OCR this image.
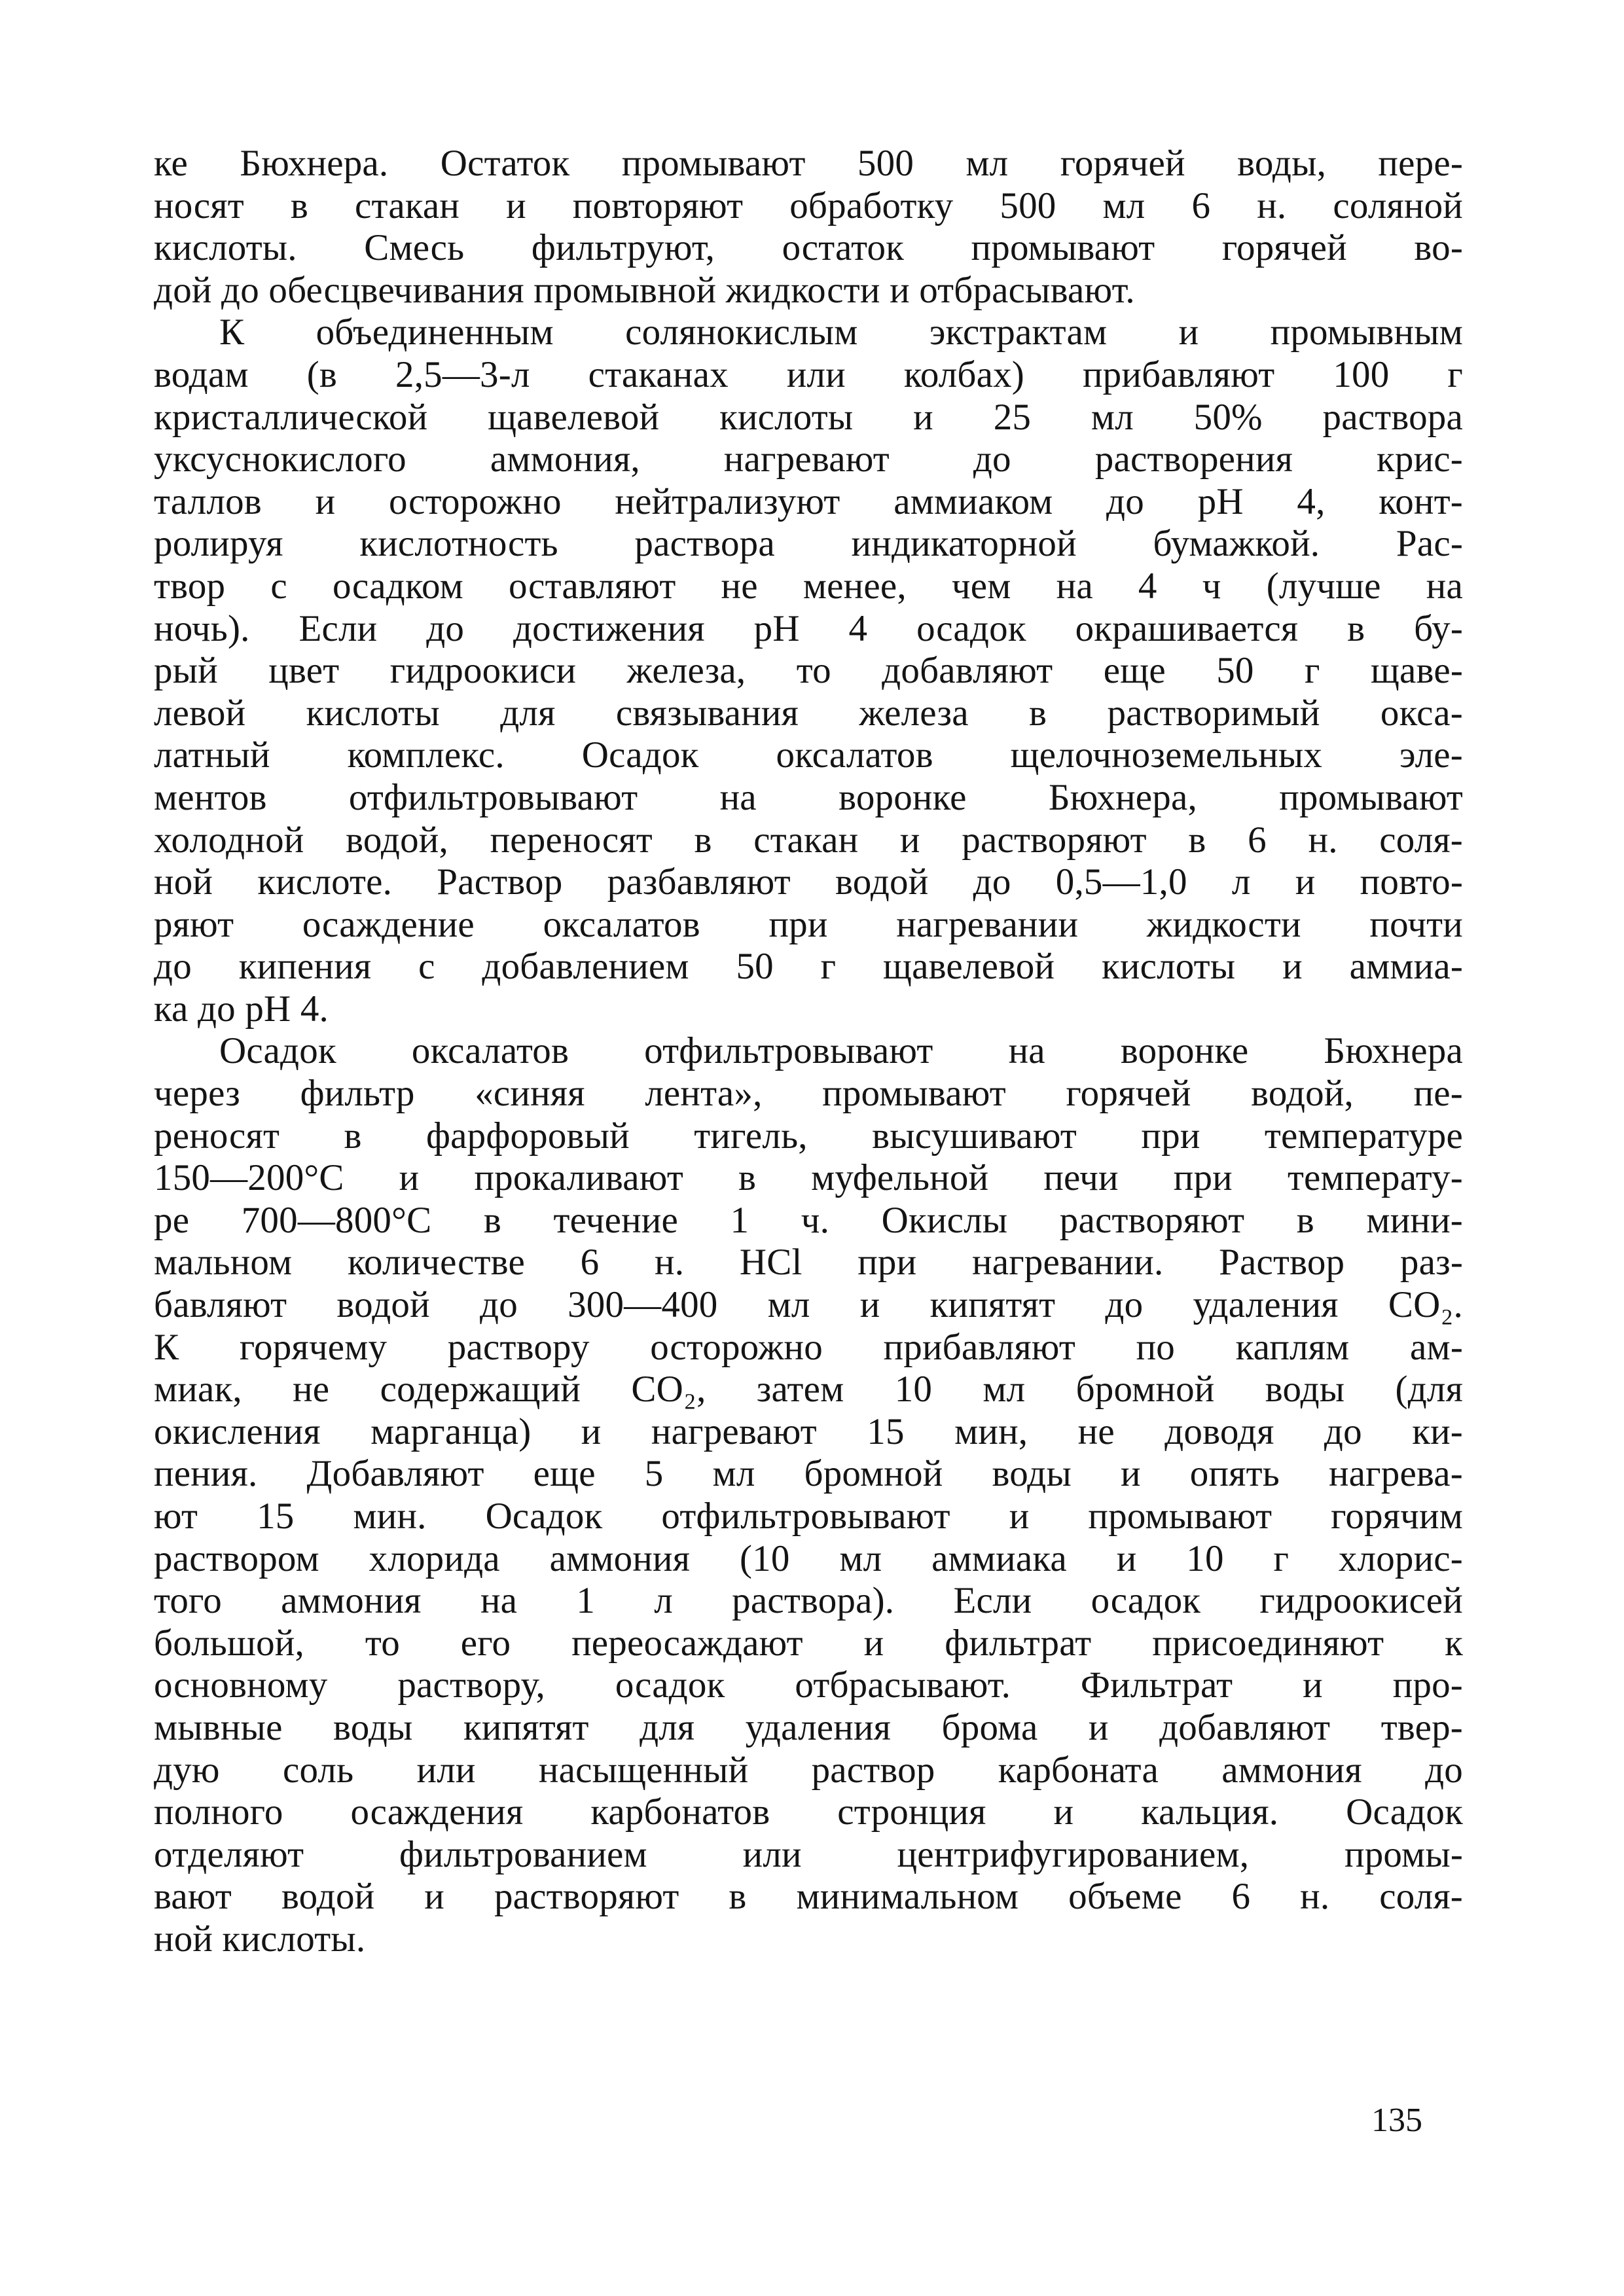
ке Бюхнера. Остаток промывают 500 мл горячей воды, пере-
носят в стакан и повторяют обработку 500 мл 6 н. соляной
кислоты. Смесь фильтруют, остаток промывают горячей во-
дой до обесцвечивания промывной жидкости и отбрасывают.
К объединенным солянокислым экстрактам и промывным
водам (в 2,5—3-л стаканах или колбах) прибавляют 100 г
кристаллической щавелевой кислоты и 25 мл 50% раствора
уксуснокислого аммония, нагревают до растворения крис-
таллов и осторожно нейтрализуют аммиаком до pH 4, конт-
ролируя кислотность раствора индикаторной бумажкой. Рас-
твор с осадком оставляют не менее, чем на 4 ч (лучше на
ночь). Если до достижения pH 4 осадок окрашивается в бу-
рый цвет гидроокиси железа, то добавляют еще 50 г щаве-
левой кислоты для связывания железа в растворимый окса-
латный комплекс. Осадок оксалатов щелочноземельных эле-
ментов отфильтровывают на воронке Бюхнера, промывают
холодной водой, переносят в стакан и растворяют в 6 н. соля-
ной кислоте. Раствор разбавляют водой до 0,5—1,0 л и повто-
ряют осаждение оксалатов при нагревании жидкости почти
до кипения с добавлением 50 г щавелевой кислоты и аммиа-
ка до pH 4.
Осадок оксалатов отфильтровывают на воронке Бюхнера
через фильтр «синяя лента», промывают горячей водой, пе-
реносят в фарфоровый тигель, высушивают при температуре
150—200°С и прокаливают в муфельной печи при температу-
ре 700—800°С в течение 1 ч. Окислы растворяют в мини-
мальном количестве 6 н. HCl при нагревании. Раствор раз-
бавляют водой до 300—400 мл и кипятят до удаления CO₂.
К горячему раствору осторожно прибавляют по каплям ам-
миак, не содержащий CO₂, затем 10 мл бромной воды (для
окисления марганца) и нагревают 15 мин, не доводя до ки-
пения. Добавляют еще 5 мл бромной воды и опять нагрева-
ют 15 мин. Осадок отфильтровывают и промывают горячим
раствором хлорида аммония (10 мл аммиака и 10 г хлорис-
того аммония на 1 л раствора). Если осадок гидроокисей
большой, то его переосаждают и фильтрат присоединяют к
основному раствору, осадок отбрасывают. Фильтрат и про-
мывные воды кипятят для удаления брома и добавляют твер-
дую соль или насыщенный раствор карбоната аммония до
полного осаждения карбонатов стронция и кальция. Осадок
отделяют фильтрованием или центрифугированием, промы-
вают водой и растворяют в минимальном объеме 6 н. соля-
ной кислоты.
135
